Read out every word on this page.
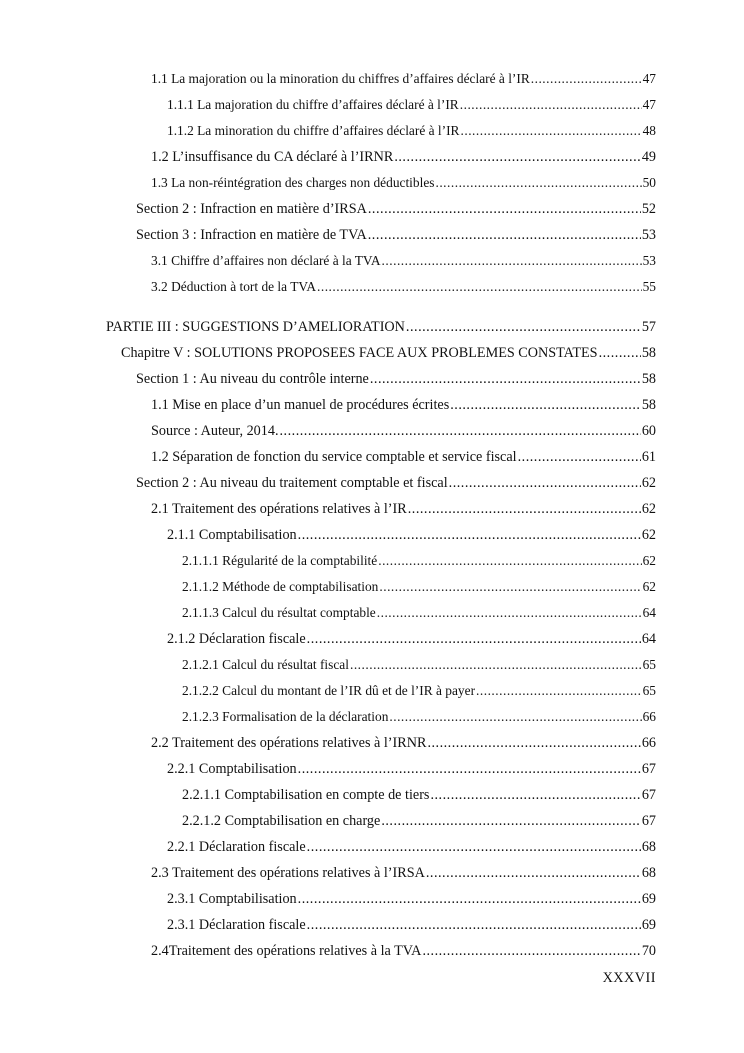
1.1 La majoration ou la minoration du chiffres d’affaires déclaré à l’IR .....	47
1.1.1 La majoration du chiffre d’affaires déclaré à l’IR .....	47
1.1.2 La minoration du chiffre d’affaires déclaré à l’IR .....	48
1.2 L’insuffisance du CA déclaré à l’IRNR .....	49
1.3 La non-réintégration des charges non déductibles .....	50
Section 2 : Infraction en matière d’IRSA .....	52
Section 3 : Infraction en matière de TVA .....	53
3.1 Chiffre d’affaires non déclaré à la TVA .....	53
3.2 Déduction à tort de la TVA .....	55
PARTIE III : SUGGESTIONS D’AMELIORATION .....	57
Chapitre V : SOLUTIONS PROPOSEES FACE AUX PROBLEMES CONSTATES .....	58
Section 1 : Au niveau du contrôle interne .....	58
1.1 Mise en place d’un manuel de procédures écrites .....	58
Source : Auteur, 2014. .....	60
1.2 Séparation de fonction du service comptable et service fiscal .....	61
Section 2 : Au niveau du traitement comptable et fiscal .....	62
2.1 Traitement des opérations relatives à l’IR .....	62
2.1.1 Comptabilisation .....	62
2.1.1.1 Régularité de la comptabilité .....	62
2.1.1.2 Méthode de comptabilisation .....	62
2.1.1.3 Calcul du résultat comptable .....	64
2.1.2 Déclaration fiscale .....	64
2.1.2.1 Calcul du résultat fiscal .....	65
2.1.2.2 Calcul du montant de l’IR dû et de l’IR à payer .....	65
2.1.2.3 Formalisation de la déclaration .....	66
2.2 Traitement des opérations relatives à l’IRNR .....	66
2.2.1 Comptabilisation .....	67
2.2.1.1 Comptabilisation en compte de tiers .....	67
2.2.1.2 Comptabilisation en charge .....	67
2.2.1 Déclaration fiscale .....	68
2.3 Traitement des opérations relatives à l’IRSA .....	68
2.3.1 Comptabilisation .....	69
2.3.1 Déclaration fiscale .....	69
2.4Traitement des opérations relatives à la TVA .....	70
XXXVII
